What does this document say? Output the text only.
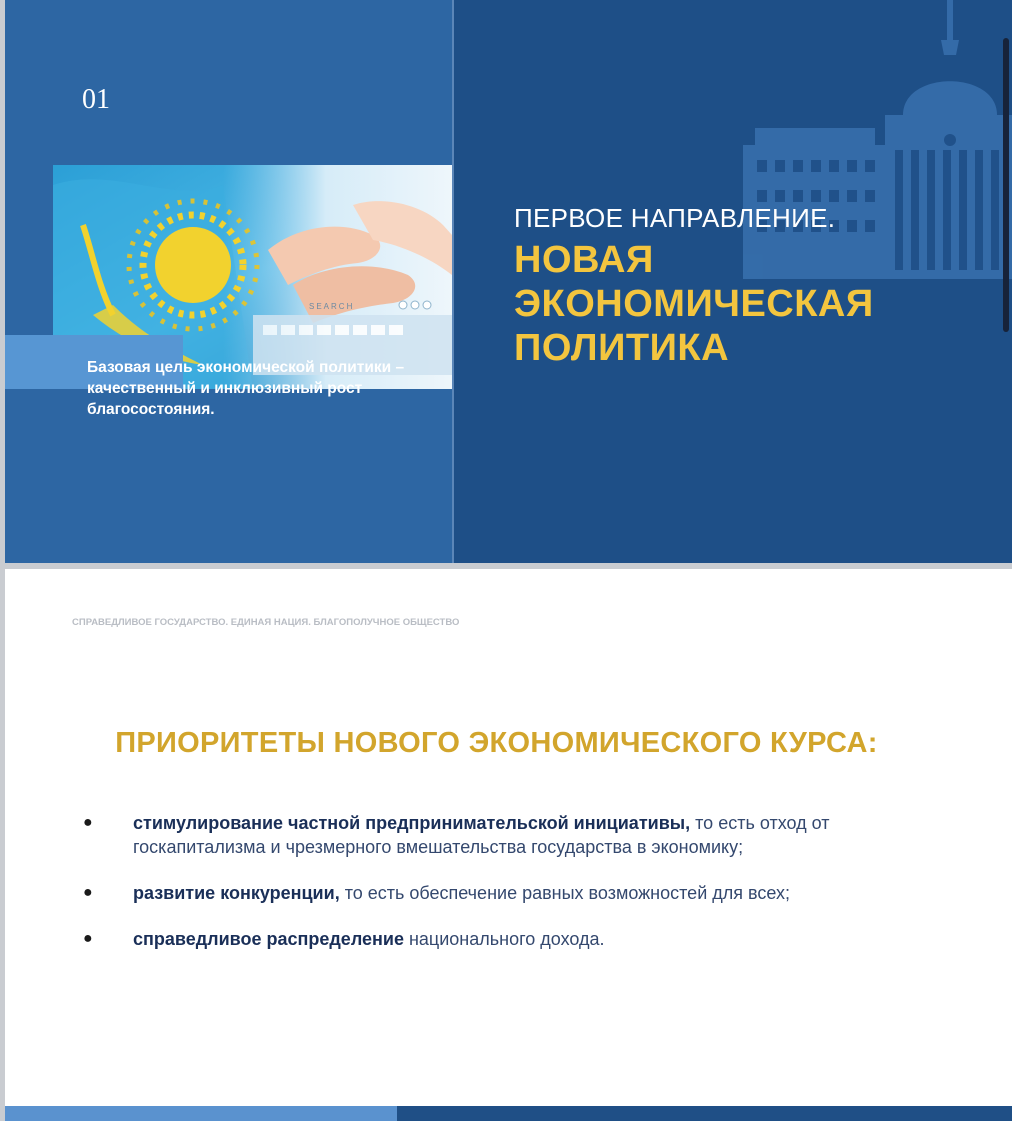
01
SEARCH
Базовая цель экономической политики – качественный и инклюзивный рост благосостояния.
ПЕРВОЕ НАПРАВЛЕНИЕ.
НОВАЯ ЭКОНОМИЧЕСКАЯ ПОЛИТИКА
СПРАВЕДЛИВОЕ ГОСУДАРСТВО. ЕДИНАЯ НАЦИЯ. БЛАГОПОЛУЧНОЕ ОБЩЕСТВО
ПРИОРИТЕТЫ НОВОГО ЭКОНОМИЧЕСКОГО КУРСА:

● стимулирование частной предпринимательской инициативы, то есть отход от госкапитализма и чрезмерного вмешательства государства в экономику;

● развитие конкуренции, то есть обеспечение равных возможностей для всех;

● справедливое распределение национального дохода.
